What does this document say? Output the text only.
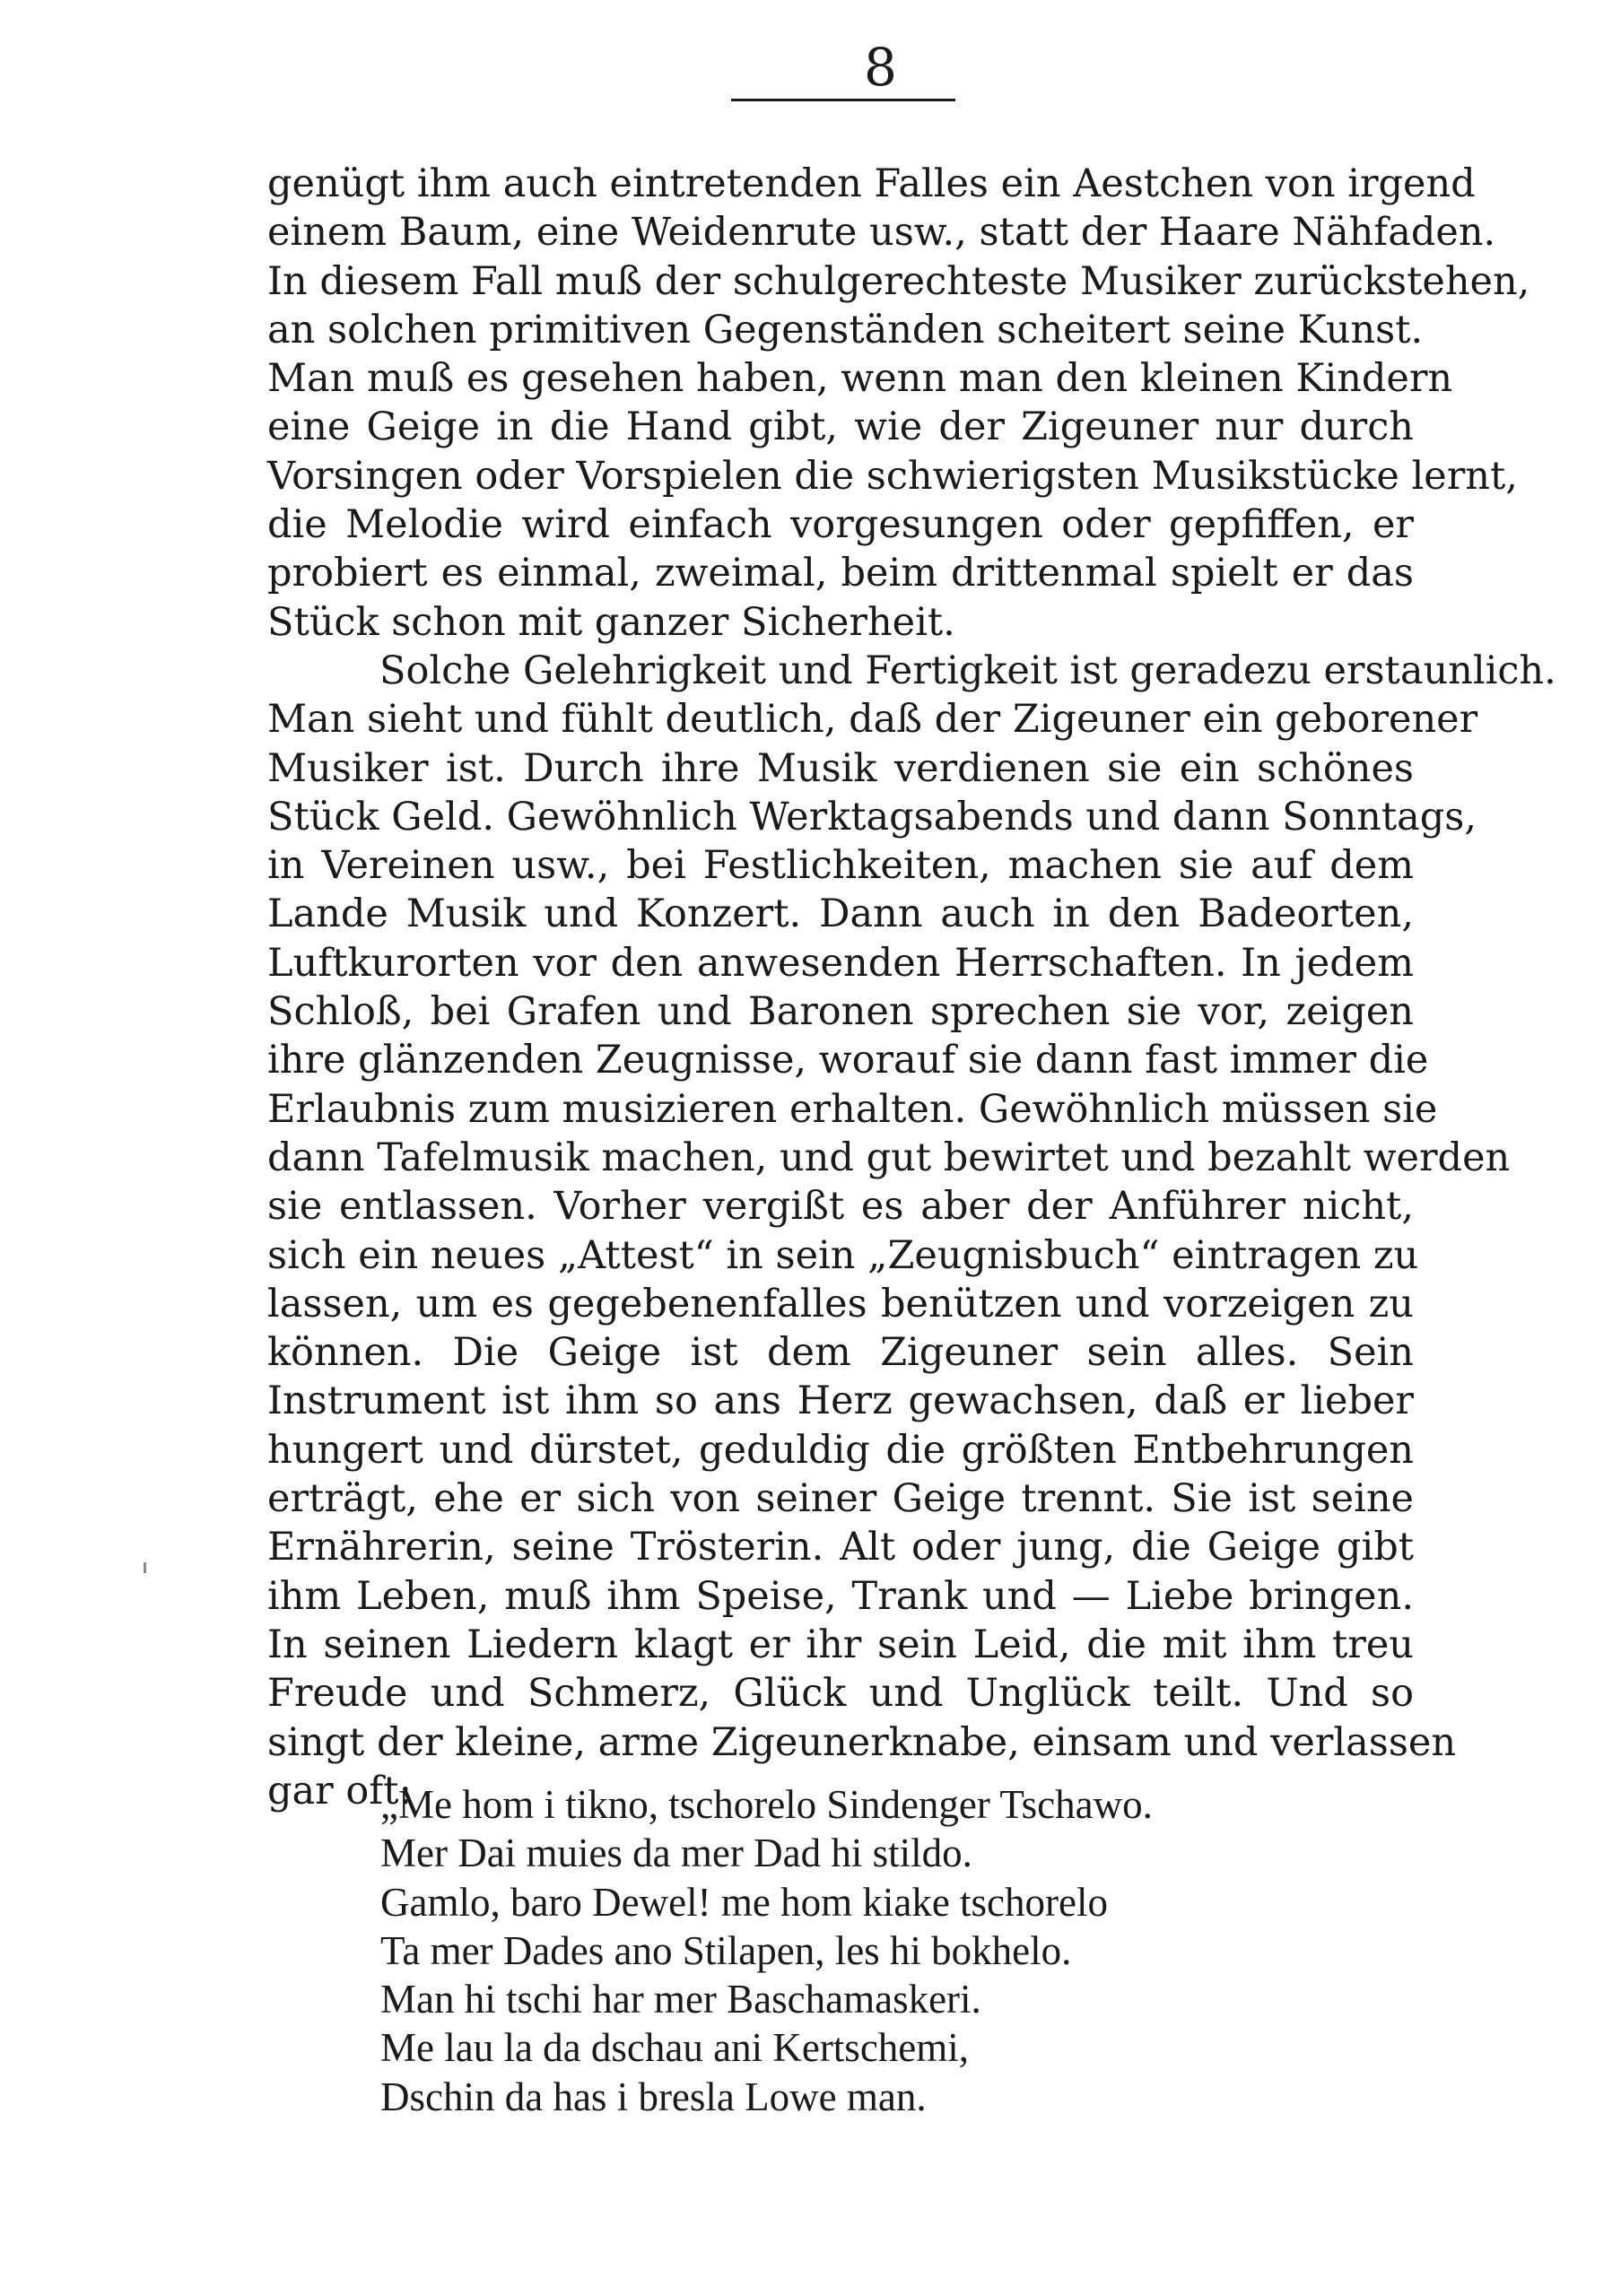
8
genügt ihm auch eintretenden Falles ein Aestchen von irgend
einem Baum, eine Weidenrute usw., statt der Haare Nähfaden.
In diesem Fall muß der schulgerechteste Musiker zurückstehen,
an solchen primitiven Gegenständen scheitert seine Kunst.
Man muß es gesehen haben, wenn man den kleinen Kindern
eine Geige in die Hand gibt, wie der Zigeuner nur durch
Vorsingen oder Vorspielen die schwierigsten Musikstücke lernt,
die Melodie wird einfach vorgesungen oder gepfiffen, er
probiert es einmal, zweimal, beim drittenmal spielt er das
Stück schon mit ganzer Sicherheit.
Solche Gelehrigkeit und Fertigkeit ist geradezu erstaunlich.
Man sieht und fühlt deutlich, daß der Zigeuner ein geborener
Musiker ist. Durch ihre Musik verdienen sie ein schönes
Stück Geld. Gewöhnlich Werktagsabends und dann Sonntags,
in Vereinen usw., bei Festlichkeiten, machen sie auf dem
Lande Musik und Konzert. Dann auch in den Badeorten,
Luftkurorten vor den anwesenden Herrschaften. In jedem
Schloß, bei Grafen und Baronen sprechen sie vor, zeigen
ihre glänzenden Zeugnisse, worauf sie dann fast immer die
Erlaubnis zum musizieren erhalten. Gewöhnlich müssen sie
dann Tafelmusik machen, und gut bewirtet und bezahlt werden
sie entlassen. Vorher vergißt es aber der Anführer nicht,
sich ein neues „Attest“ in sein „Zeugnisbuch“ eintragen zu
lassen, um es gegebenenfalles benützen und vorzeigen zu
können. Die Geige ist dem Zigeuner sein alles. Sein
Instrument ist ihm so ans Herz gewachsen, daß er lieber
hungert und dürstet, geduldig die größten Entbehrungen
erträgt, ehe er sich von seiner Geige trennt. Sie ist seine
Ernährerin, seine Trösterin. Alt oder jung, die Geige gibt
ihm Leben, muß ihm Speise, Trank und — Liebe bringen.
In seinen Liedern klagt er ihr sein Leid, die mit ihm treu
Freude und Schmerz, Glück und Unglück teilt. Und so
singt der kleine, arme Zigeunerknabe, einsam und verlassen
gar oft:
„Me hom i tikno, tschorelo Sindenger Tschawo.
Mer Dai muies da mer Dad hi stildo.
Gamlo, baro Dewel! me hom kiake tschorelo
Ta mer Dades ano Stilapen, les hi bokhelo.
Man hi tschi har mer Baschamaskeri.
Me lau la da dschau ani Kertschemi,
Dschin da has i bresla Lowe man.
